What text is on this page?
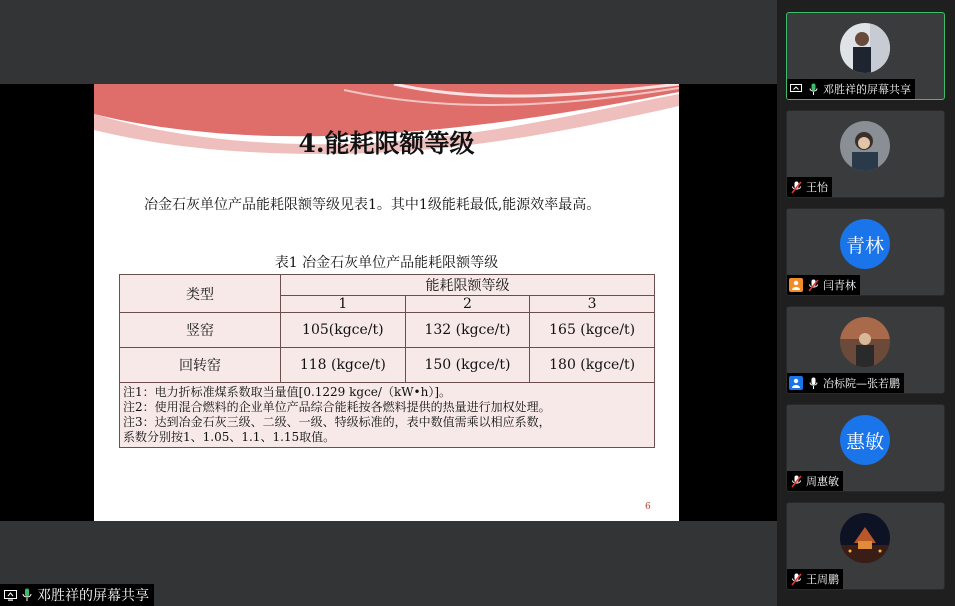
4.能耗限额等级
冶金石灰单位产品能耗限额等级见表1。其中1级能耗最低,能源效率最高。
表1 冶金石灰单位产品能耗限额等级
类型	能耗限额等级		
	1	2	3
竖窑	105(kgce/t)	132 (kgce/t)	165 (kgce/t)
回转窑	118 (kgce/t)	150 (kgce/t)	180 (kgce/t)

注1：电力折标准煤系数取当量值[0.1229 kgce/（kW•h）]。
注2：使用混合燃料的企业单位产品综合能耗按各燃料提供的热量进行加权处理。
注3：达到冶金石灰三级、二级、一级、特级标准的，表中数值需乘以相应系数，
系数分别按1、1.05、1.1、1.15取值。			
6
邓胜祥的屏幕共享
邓胜祥的屏幕共享
王怡
青林
闫青林
冶标院—张若鹏
惠敏
周惠敏
王周鹏
